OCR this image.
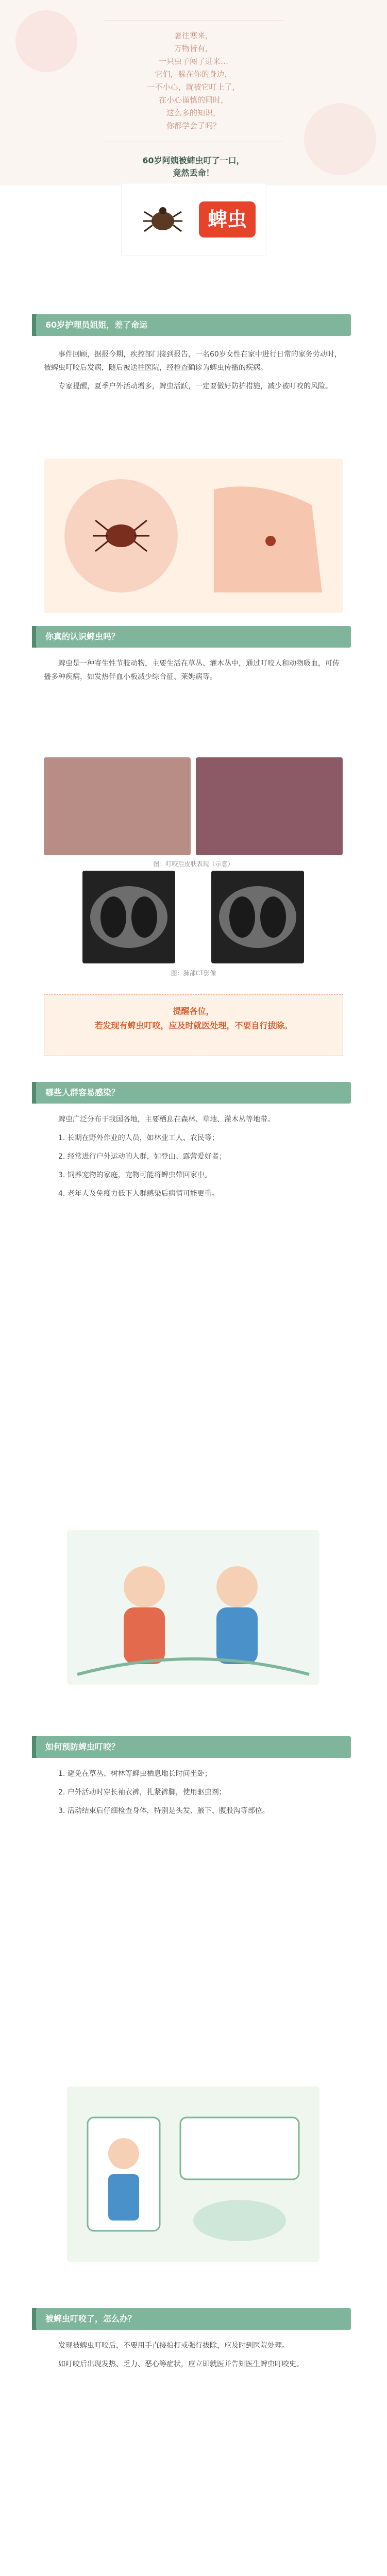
暑往寒来，
万物皆有，
一只虫子闯了进来…
它们，躲在你的身边，
一不小心，就被它叮上了，
在小心谨慎的同时，
这么多的知识，
你都学会了吗？
60岁阿姨被蜱虫叮了一口，
竟然丢命！
蜱虫
60岁护理员姐姐，差了命运

事件回顾，据报今期，疾控部门接到报告，一名60岁女性在家中进行日常的家务劳动时，被蜱虫叮咬后发病，随后被送往医院，经检查确诊为蜱虫传播的疾病。

专家提醒，夏季户外活动增多，蜱虫活跃，一定要做好防护措施，减少被叮咬的风险。

你真的认识蜱虫吗？

蜱虫是一种寄生性节肢动物，主要生活在草丛、灌木丛中，通过叮咬人和动物吸血，可传播多种疾病，如发热伴血小板减少综合征、莱姆病等。

图：叮咬后皮肤表现（示意）
图：肺部CT影像
提醒各位，
若发现有蜱虫叮咬，应及时就医处理，不要自行拔除。
哪些人群容易感染？

蜱虫广泛分布于我国各地，主要栖息在森林、草地、灌木丛等地带。

1. 长期在野外作业的人员，如林业工人、农民等；

2. 经常进行户外运动的人群，如登山、露营爱好者；

3. 饲养宠物的家庭，宠物可能将蜱虫带回家中。

4. 老年人及免疫力低下人群感染后病情可能更重。

如何预防蜱虫叮咬？

1. 避免在草丛、树林等蜱虫栖息地长时间坐卧；

2. 户外活动时穿长袖衣裤，扎紧裤脚，使用驱虫剂；

3. 活动结束后仔细检查身体，特别是头发、腋下、腹股沟等部位。

被蜱虫叮咬了，怎么办？

发现被蜱虫叮咬后，不要用手直接拍打或强行拔除，应及时到医院处理。

如叮咬后出现发热、乏力、恶心等症状，应立即就医并告知医生蜱虫叮咬史。
